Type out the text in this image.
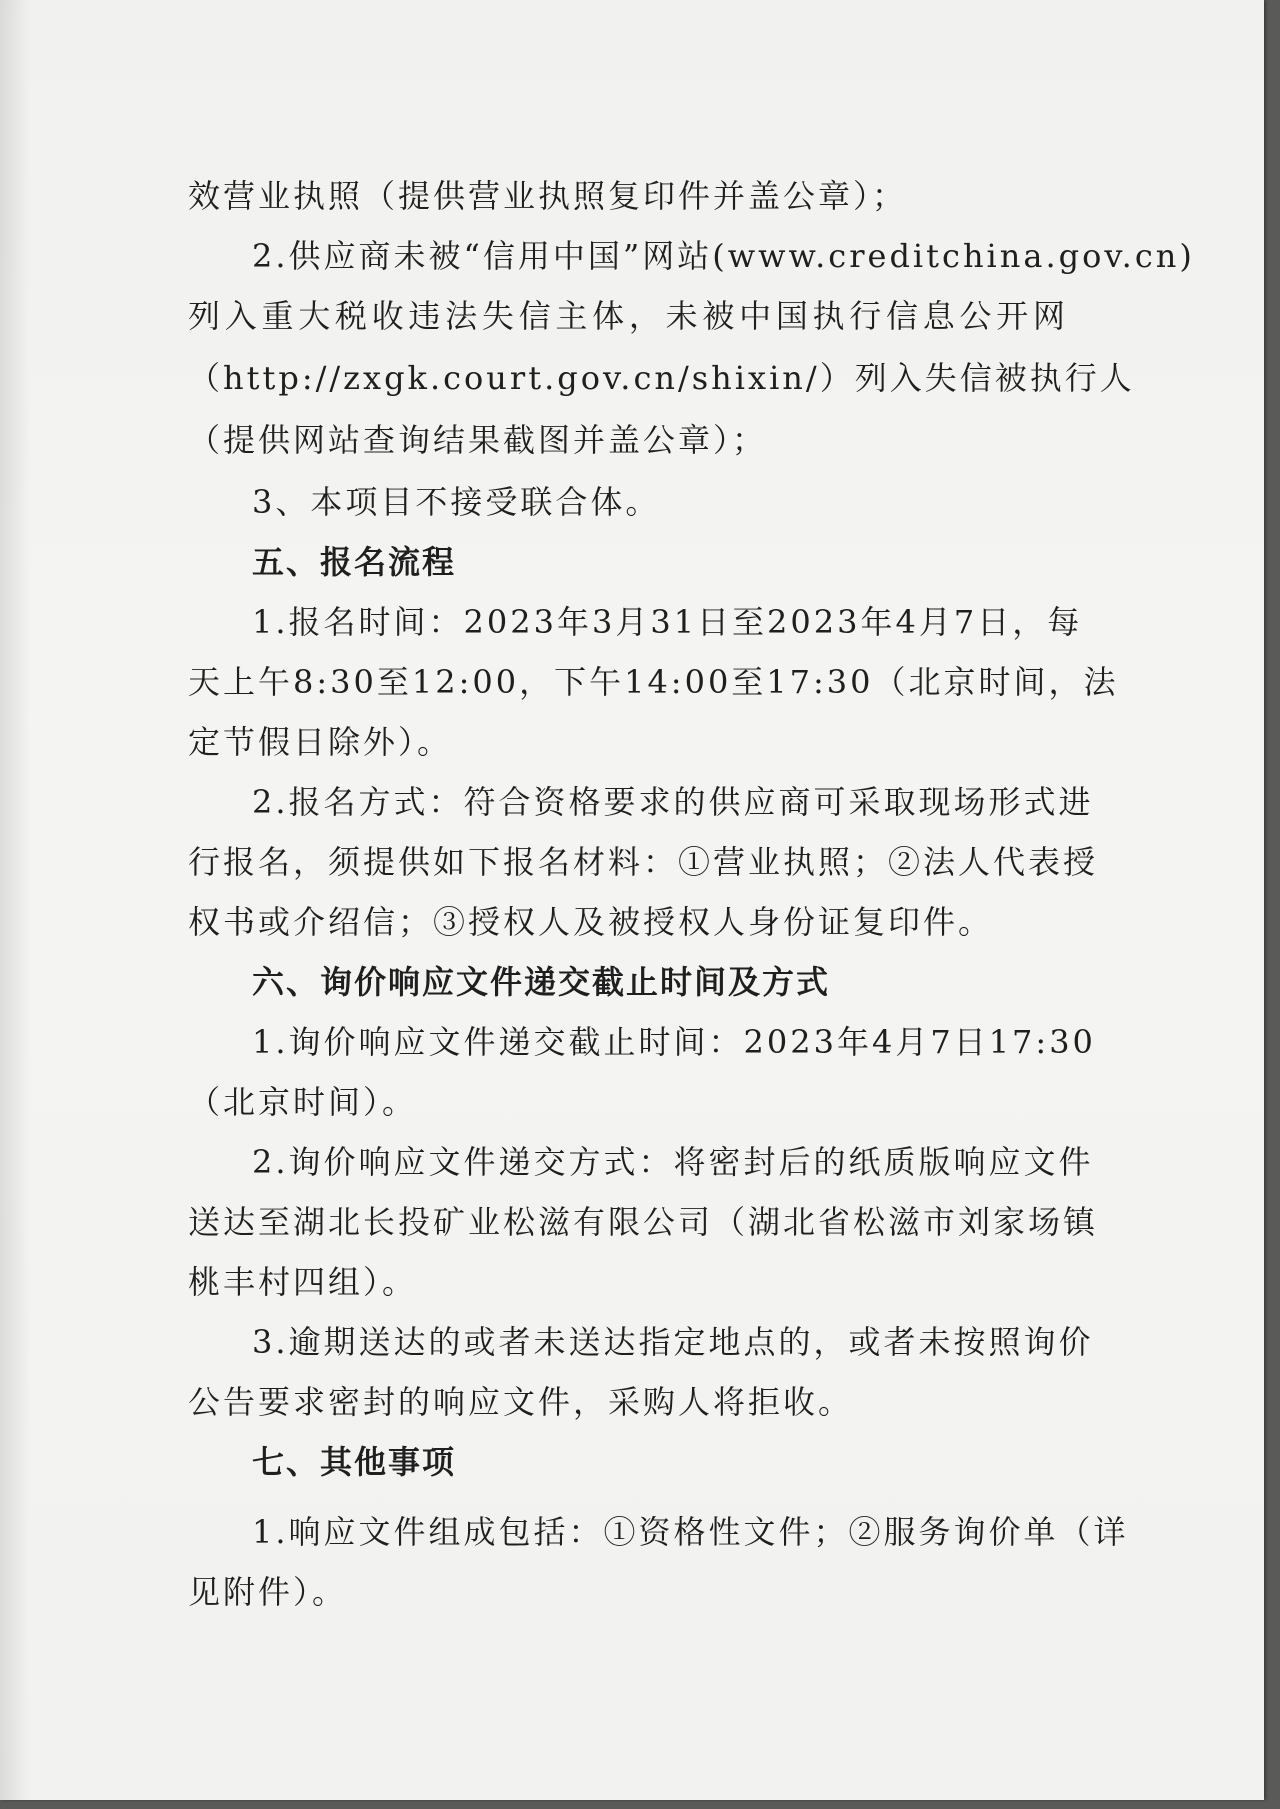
效营业执照（提供营业执照复印件并盖公章）；

2.供应商未被“信用中国”网站(www.creditchina.gov.cn)

列入重大税收违法失信主体，未被中国执行信息公开网

（http://zxgk.court.gov.cn/shixin/）列入失信被执行人

（提供网站查询结果截图并盖公章）；

3、本项目不接受联合体。

五、报名流程

1.报名时间：2023年3月31日至2023年4月7日，每

天上午8:30至12:00，下午14:00至17:30（北京时间，法

定节假日除外）。

2.报名方式：符合资格要求的供应商可采取现场形式进

行报名，须提供如下报名材料：①营业执照；②法人代表授

权书或介绍信；③授权人及被授权人身份证复印件。

六、询价响应文件递交截止时间及方式

1.询价响应文件递交截止时间：2023年4月7日17:30

（北京时间）。

2.询价响应文件递交方式：将密封后的纸质版响应文件

送达至湖北长投矿业松滋有限公司（湖北省松滋市刘家场镇

桃丰村四组）。

3.逾期送达的或者未送达指定地点的，或者未按照询价

公告要求密封的响应文件，采购人将拒收。

七、其他事项

1.响应文件组成包括：①资格性文件；②服务询价单（详

见附件）。
